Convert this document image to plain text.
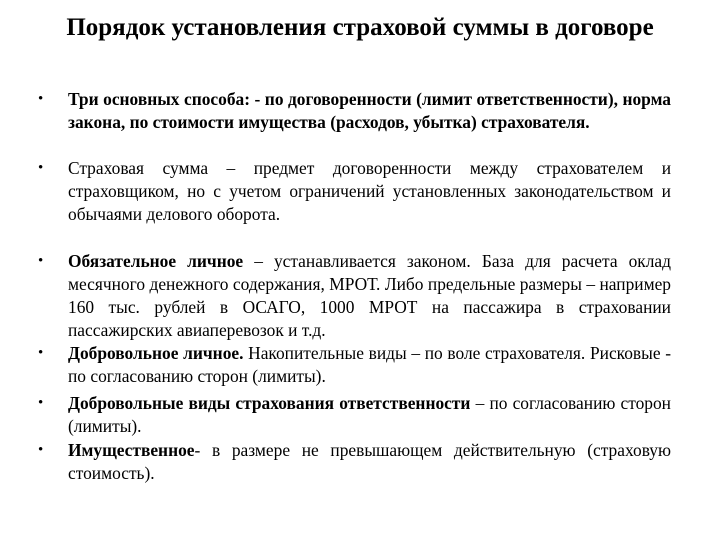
Порядок установления страховой суммы в договоре
• Три основных способа: - по договоренности (лимит ответственности), норма закона, по стоимости имущества (расходов, убытка) страхователя.
• Страховая сумма – предмет договоренности между страхователем и страховщиком, но с учетом ограничений установленных законодательством и обычаями делового оборота.
• Обязательное личное – устанавливается законом. База для расчета оклад месячного денежного содержания, МРОТ. Либо предельные размеры – например 160 тыс. рублей в ОСАГО, 1000 МРОТ на пассажира в страховании пассажирских авиаперевозок и т.д.
• Добровольное личное. Накопительные виды – по воле страхователя. Рисковые - по согласованию сторон (лимиты).
• Добровольные виды страхования ответственности – по согласованию сторон (лимиты).
• Имущественное- в размере не превышающем действительную (страховую стоимость).
